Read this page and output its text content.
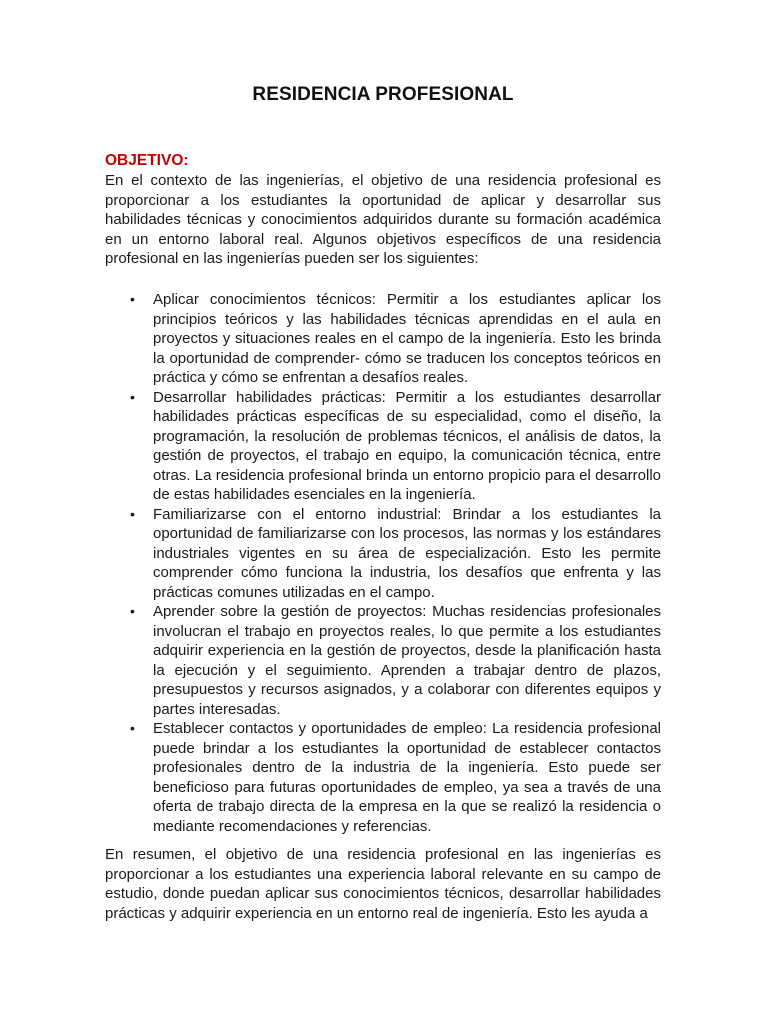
RESIDENCIA PROFESIONAL

OBJETIVO:

En el contexto de las ingenierías, el objetivo de una residencia profesional es proporcionar a los estudiantes la oportunidad de aplicar y desarrollar sus habilidades técnicas y conocimientos adquiridos durante su formación académica en un entorno laboral real. Algunos objetivos específicos de una residencia profesional en las ingenierías pueden ser los siguientes:

• Aplicar conocimientos técnicos: Permitir a los estudiantes aplicar los principios teóricos y las habilidades técnicas aprendidas en el aula en proyectos y situaciones reales en el campo de la ingeniería. Esto les brinda la oportunidad de comprender- cómo se traducen los conceptos teóricos en práctica y cómo se enfrentan a desafíos reales.
• Desarrollar habilidades prácticas: Permitir a los estudiantes desarrollar habilidades prácticas específicas de su especialidad, como el diseño, la programación, la resolución de problemas técnicos, el análisis de datos, la gestión de proyectos, el trabajo en equipo, la comunicación técnica, entre otras. La residencia profesional brinda un entorno propicio para el desarrollo de estas habilidades esenciales en la ingeniería.
• Familiarizarse con el entorno industrial: Brindar a los estudiantes la oportunidad de familiarizarse con los procesos, las normas y los estándares industriales vigentes en su área de especialización. Esto les permite comprender cómo funciona la industria, los desafíos que enfrenta y las prácticas comunes utilizadas en el campo.
• Aprender sobre la gestión de proyectos: Muchas residencias profesionales involucran el trabajo en proyectos reales, lo que permite a los estudiantes adquirir experiencia en la gestión de proyectos, desde la planificación hasta la ejecución y el seguimiento. Aprenden a trabajar dentro de plazos, presupuestos y recursos asignados, y a colaborar con diferentes equipos y partes interesadas.
• Establecer contactos y oportunidades de empleo: La residencia profesional puede brindar a los estudiantes la oportunidad de establecer contactos profesionales dentro de la industria de la ingeniería. Esto puede ser beneficioso para futuras oportunidades de empleo, ya sea a través de una oferta de trabajo directa de la empresa en la que se realizó la residencia o mediante recomendaciones y referencias.

En resumen, el objetivo de una residencia profesional en las ingenierías es proporcionar a los estudiantes una experiencia laboral relevante en su campo de estudio, donde puedan aplicar sus conocimientos técnicos, desarrollar habilidades prácticas y adquirir experiencia en un entorno real de ingeniería. Esto les ayuda a
